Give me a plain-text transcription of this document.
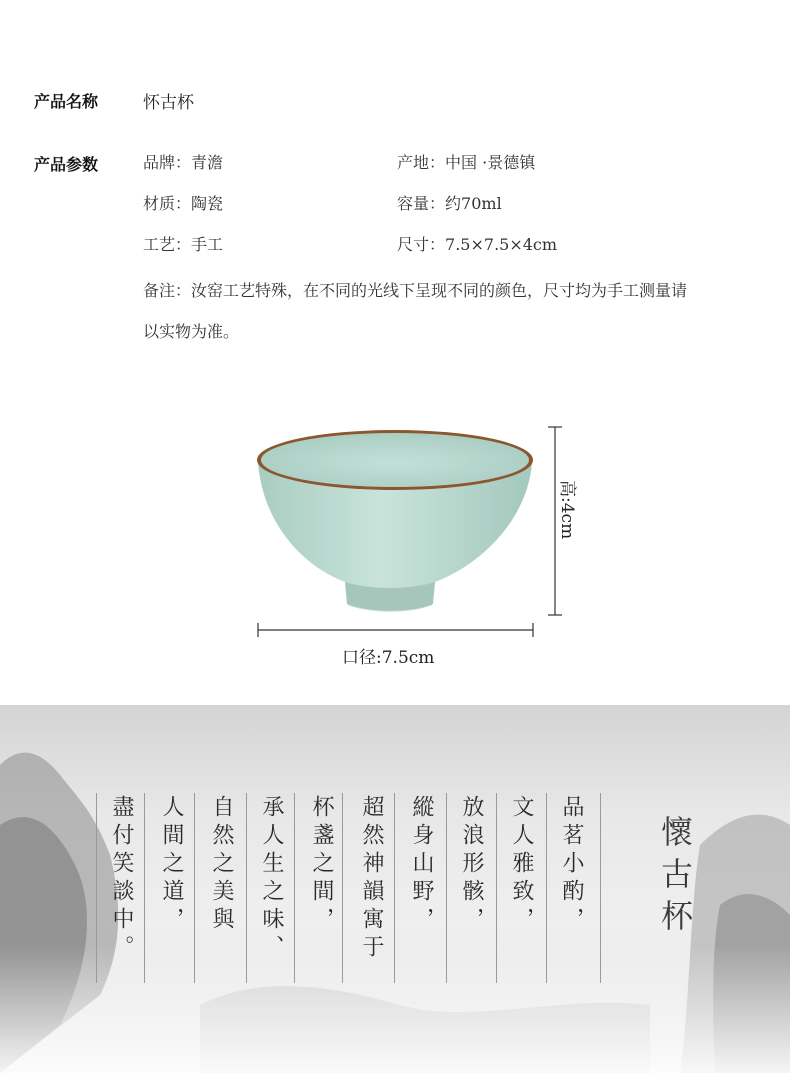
产品名称	怀古杯
产品参数	品牌 ： 青澹	产地 ： 中国 ·景德镇
材质 ： 陶瓷	容量 ： 约70ml
工艺 ： 手工	尺寸 ： 7.5×7.5×4cm
备注 ： 汝窑工艺特殊，在不同的光线下呈现不同的颜色，尺寸均为手工测量请以实物为准。
高:4cm
口径:7.5cm
懷古杯
品茗小酌，
文人雅致，
放浪形骸，
縱身山野，
超然神韻寓于
杯盞之間，
承人生之味、
自然之美與
人間之道，
盡付笑談中。
